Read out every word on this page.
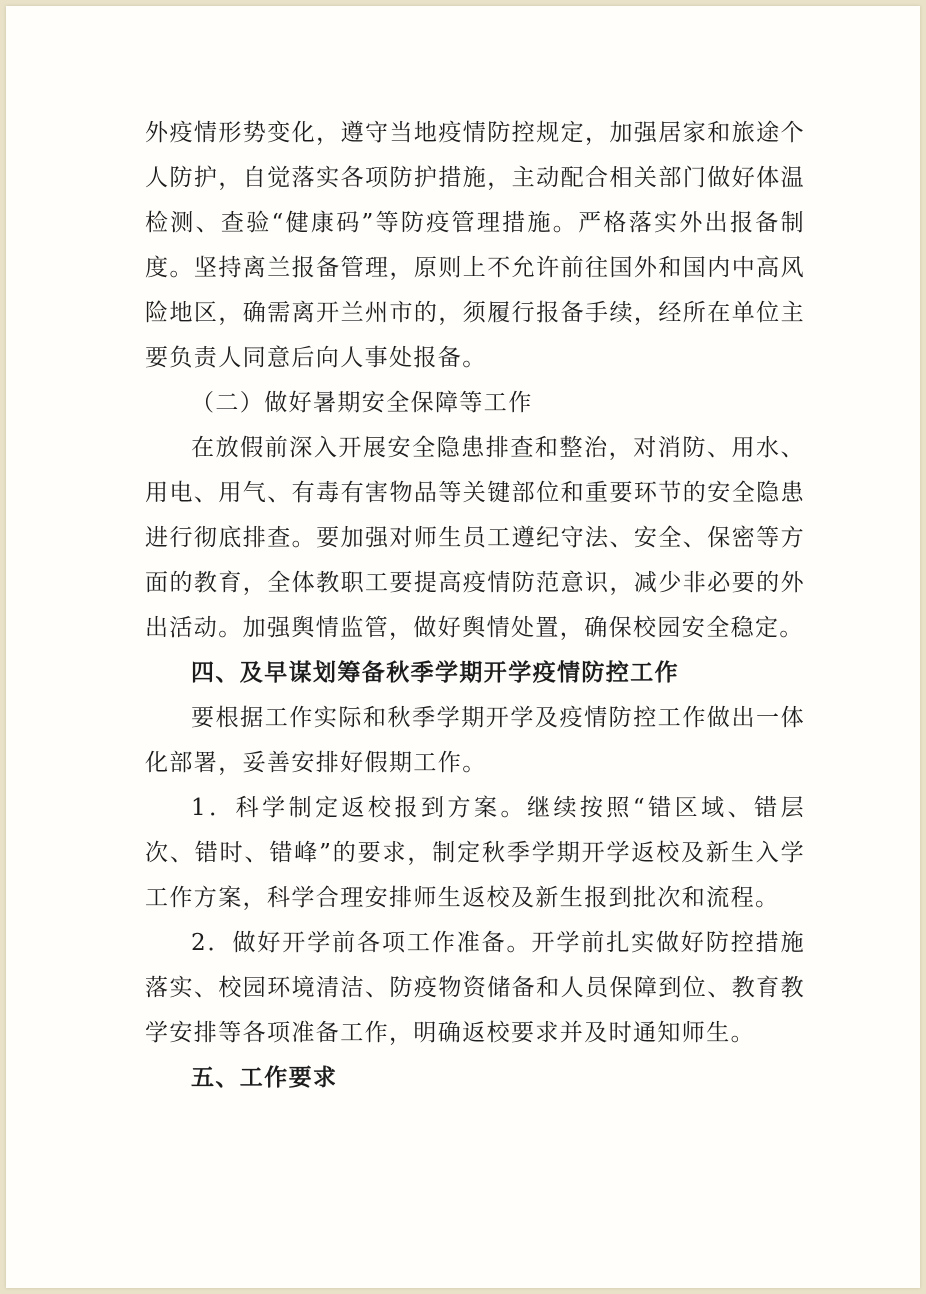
外疫情形势变化，遵守当地疫情防控规定，加强居家和旅途个人防护，自觉落实各项防护措施，主动配合相关部门做好体温检测、查验“健康码”等防疫管理措施。严格落实外出报备制度。坚持离兰报备管理，原则上不允许前往国外和国内中高风险地区，确需离开兰州市的，须履行报备手续，经所在单位主要负责人同意后向人事处报备。

（二）做好暑期安全保障等工作

在放假前深入开展安全隐患排查和整治，对消防、用水、用电、用气、有毒有害物品等关键部位和重要环节的安全隐患进行彻底排查。要加强对师生员工遵纪守法、安全、保密等方面的教育，全体教职工要提高疫情防范意识，减少非必要的外出活动。加强舆情监管，做好舆情处置，确保校园安全稳定。

四、及早谋划筹备秋季学期开学疫情防控工作

要根据工作实际和秋季学期开学及疫情防控工作做出一体化部署，妥善安排好假期工作。

1．科学制定返校报到方案。继续按照“错区域、错层次、错时、错峰”的要求，制定秋季学期开学返校及新生入学工作方案，科学合理安排师生返校及新生报到批次和流程。

2．做好开学前各项工作准备。开学前扎实做好防控措施落实、校园环境清洁、防疫物资储备和人员保障到位、教育教学安排等各项准备工作，明确返校要求并及时通知师生。

五、工作要求
